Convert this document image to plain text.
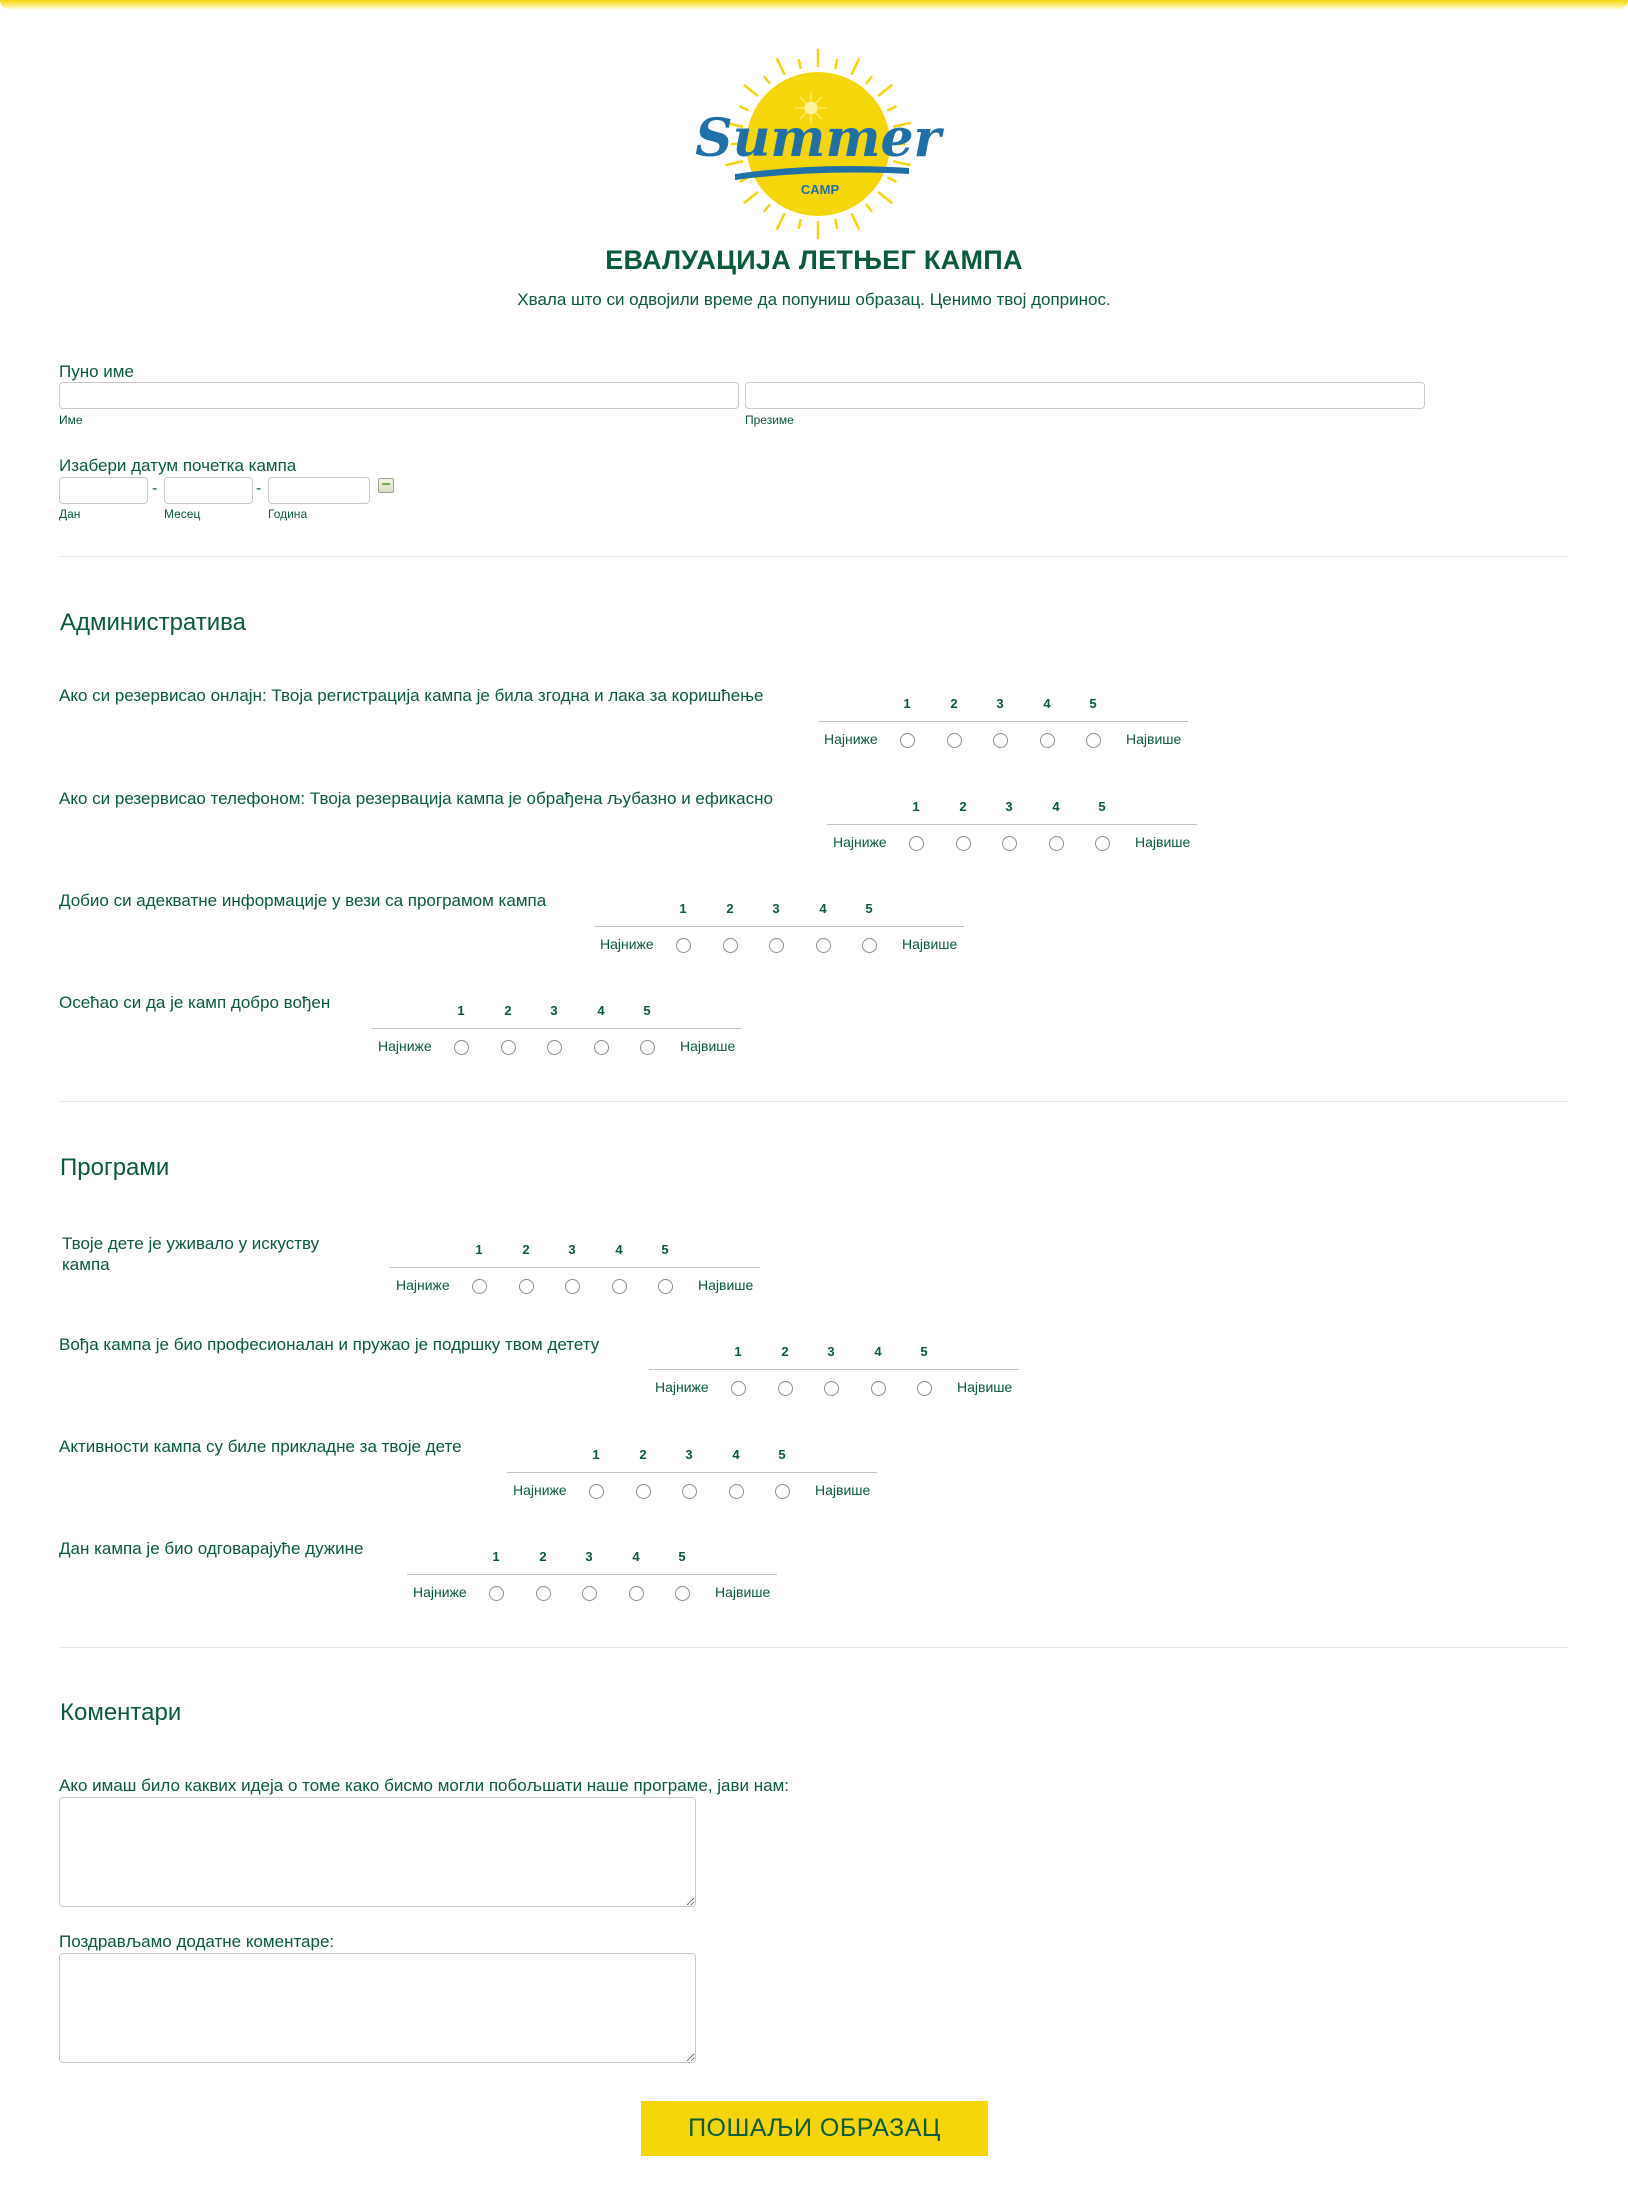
Summer
CAMP
ЕВАЛУАЦИЈА ЛЕТЊЕГ КАМПА
Хвала што си одвојили време да попуниш образац. Ценимо твој допринос.
Пуно име
Име	Презиме
Изабери датум почетка кампа
-	-
Дан	Месец	Година
Административа
Ако си резервисао онлајн: Твоја регистрација кампа је била згодна и лака за коришћење	1	2	3	4	5
Најниже	Највише
Ако си резервисао телефоном: Твоја резервација кампа је обрађена љубазно и ефикасно	1	2	3	4	5
Најниже	Највише
Добио си адекватне информације у вези са програмом кампа	1	2	3	4	5
Најниже	Највише
Осећао си да је камп добро вођен	1	2	3	4	5
Најниже	Највише
Програми
Твоје дете је уживало у искуству кампа
1	2	3	4	5
Најниже	Највише
Вођа кампа је био професионалан и пружао је подршку твом детету	1	2	3	4	5
Најниже	Највише
Активности кампа су биле прикладне за твоје дете	1	2	3	4	5
Најниже	Највише
Дан кампа је био одговарајуће дужине	1	2	3	4	5
Најниже	Највише
Коментари
Ако имаш било каквих идеја о томе како бисмо могли побољшати наше програме, јави нам:
Поздрављамо додатне коментаре:
ПОШАЉИ ОБРАЗАЦ
